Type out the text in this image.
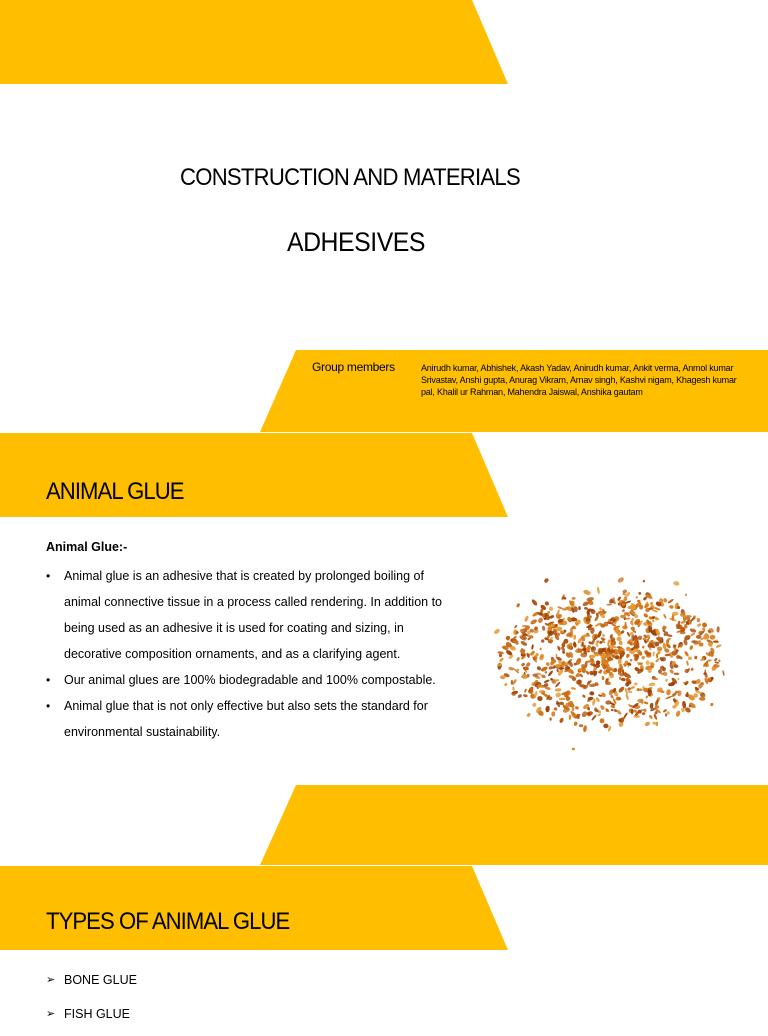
CONSTRUCTION AND MATERIALS
ADHESIVES
Group members	Anirudh kumar, Abhishek, Akash Yadav, Anirudh kumar, Ankit verma, Anmol kumar Srivastav, Anshi gupta, Anurag Vikram, Arnav singh, Kashvi nigam, Khagesh kumar pal, Khalil ur Rahman, Mahendra Jaiswal, Anshika gautam
ANIMAL GLUE
Animal Glue:-
• Animal glue is an adhesive that is created by prolonged boiling of animal connective tissue in a process called rendering. In addition to being used as an adhesive it is used for coating and sizing, in decorative composition ornaments, and as a clarifying agent.
• Our animal glues are 100% biodegradable and 100% compostable.
• Animal glue that is not only effective but also sets the standard for environmental sustainability.
TYPES OF ANIMAL GLUE
➢ BONE GLUE
➢ FISH GLUE
